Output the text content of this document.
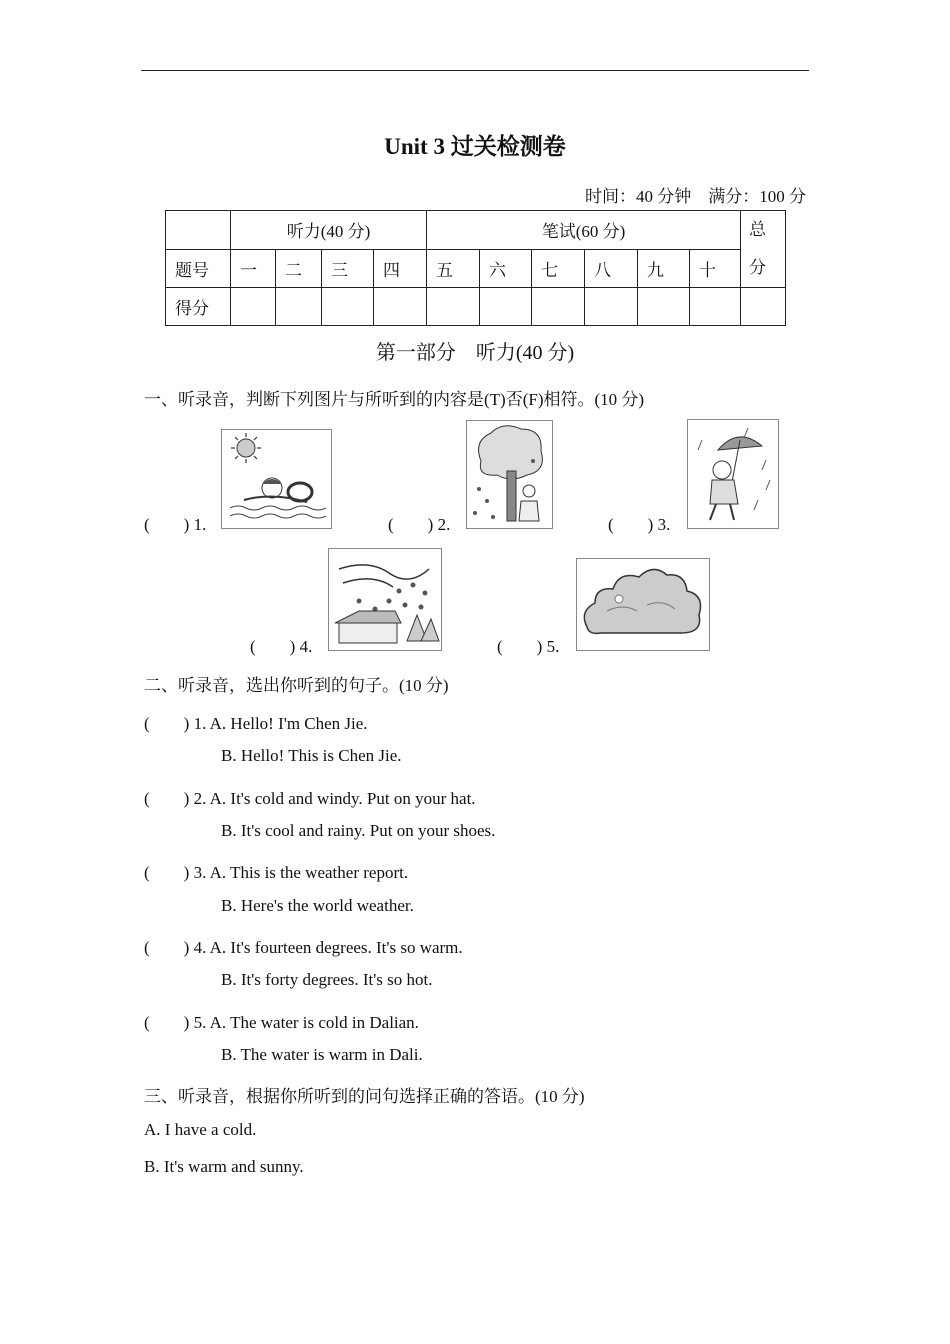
Unit 3 过关检测卷
时间：40 分钟　满分：100 分
	听力(40 分)				笔试(60 分)						总
分

题号	一	二	三	四	五	六	七	八	九	十	
得分											
第一部分　听力(40 分)
一、听录音，判断下列图片与所听到的内容是(T)否(F)相符。(10 分)
(　　) 1.	(　　) 2.	(　　) 3.
(　　) 4.	(　　) 5.
二、听录音，选出你听到的句子。(10 分)
(　　) 1. A. Hello! I'm Chen Jie.
B. Hello! This is Chen Jie.
(　　) 2. A. It's cold and windy. Put on your hat.
B. It's cool and rainy. Put on your shoes.
(　　) 3. A. This is the weather report.
B. Here's the world weather.
(　　) 4. A. It's fourteen degrees. It's so warm.
B. It's forty degrees. It's so hot.
(　　) 5. A. The water is cold in Dalian.
B. The water is warm in Dali.
三、听录音，根据你所听到的问句选择正确的答语。(10 分)
A. I have a cold.
B. It's warm and sunny.
